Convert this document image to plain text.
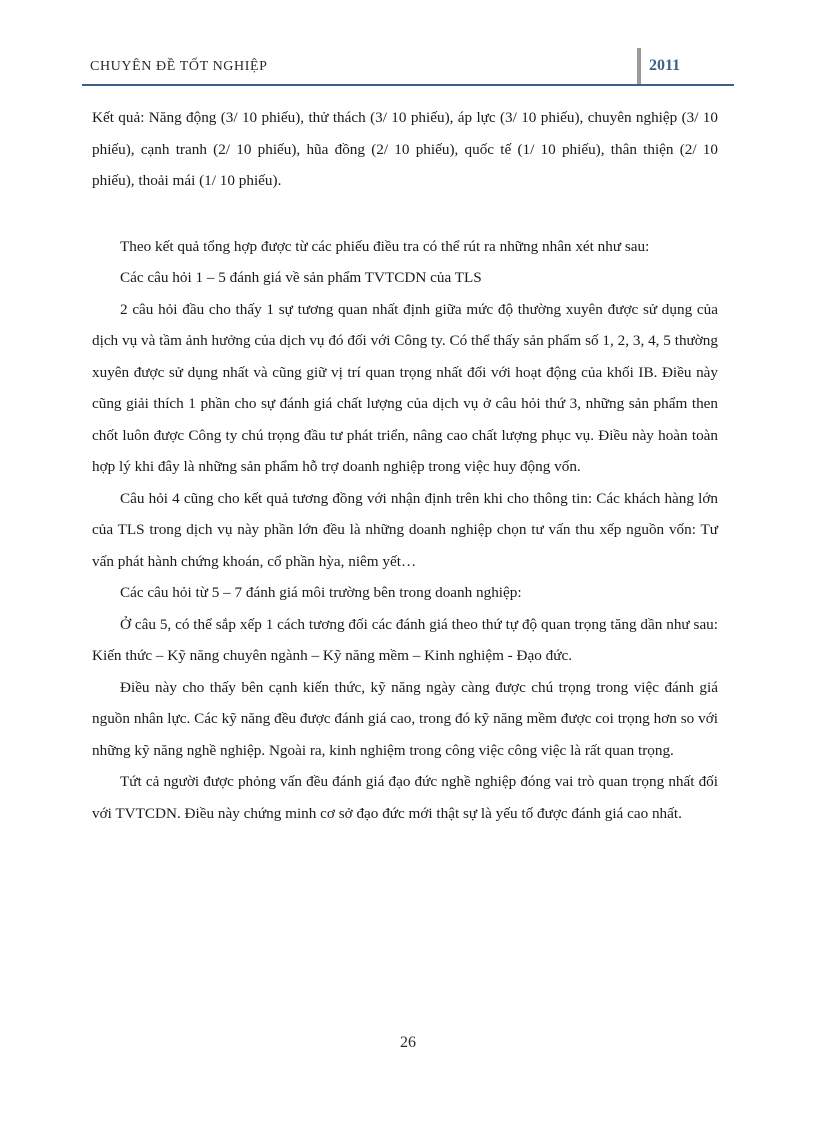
CHUYÊN ĐỀ TỐT NGHIỆP	2011

Kết quả: Năng động (3/ 10 phiếu), thử thách (3/ 10 phiếu), áp lực (3/ 10 phiếu), chuyên nghiệp (3/ 10 phiếu), cạnh tranh (2/ 10 phiếu), hũa đồng (2/ 10 phiếu), quốc tế (1/ 10 phiếu), thân thiện (2/ 10 phiếu), thoải mái (1/ 10 phiếu).

Theo kết quả tổng hợp được từ các phiếu điều tra có thể rút ra những nhân xét như sau:

Các câu hỏi 1 – 5 đánh giá về sản phẩm TVTCDN của TLS

2 câu hỏi đầu cho thấy 1 sự tương quan nhất định giữa mức độ thường xuyên được sử dụng của dịch vụ và tầm ảnh hưởng của dịch vụ đó đối với Công ty. Có thể thấy sản phẩm số 1, 2, 3, 4, 5 thường xuyên được sử dụng nhất và cũng giữ vị trí quan trọng nhất đối với hoạt động của khối IB. Điều này cũng giải thích 1 phần cho sự đánh giá chất lượng của dịch vụ ở câu hỏi thứ 3, những sản phẩm then chốt luôn được Công ty chú trọng đầu tư phát triển, nâng cao chất lượng phục vụ. Điều này hoàn toàn hợp lý khi đây là những sản phẩm hỗ trợ doanh nghiệp trong việc huy động vốn.

Câu hỏi 4 cũng cho kết quả tương đồng với nhận định trên khi cho thông tin: Các khách hàng lớn của TLS trong dịch vụ này phần lớn đều là những doanh nghiệp chọn tư vấn thu xếp nguồn vốn: Tư vấn phát hành chứng khoán, cổ phần hỳa, niêm yết…

Các câu hỏi từ 5 – 7 đánh giá môi trường bên trong doanh nghiệp:

Ở câu 5, có thể sắp xếp 1 cách tương đối các đánh giá theo thứ tự độ quan trọng tăng dần như sau: Kiến thức – Kỹ năng chuyên ngành – Kỹ năng mềm – Kinh nghiệm - Đạo đức.

Điều này cho thấy bên cạnh kiến thức, kỹ năng ngày càng được chú trọng trong việc đánh giá nguồn nhân lực. Các kỹ năng đều được đánh giá cao, trong đó kỹ năng mềm được coi trọng hơn so với những kỹ năng nghề nghiệp. Ngoài ra, kinh nghiệm trong công việc công việc là rất quan trọng.

Tứt cả người được phỏng vấn đều đánh giá đạo đức nghề nghiệp đóng vai trò quan trọng nhất đối với TVTCDN. Điều này chứng minh cơ sở đạo đức mới thật sự là yếu tố được đánh giá cao nhất.

26
